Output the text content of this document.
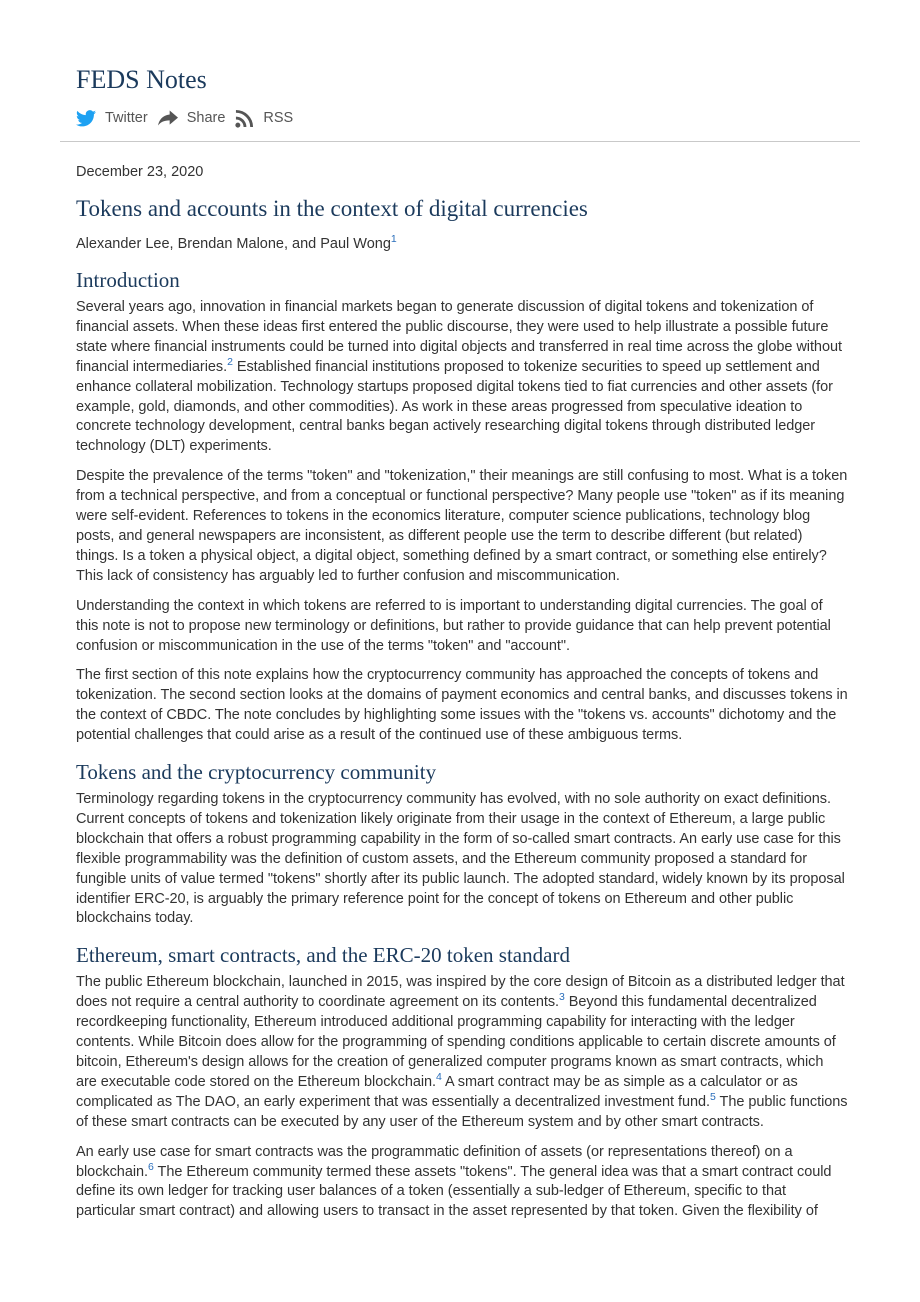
FEDS Notes
Twitter	Share	RSS

December 23, 2020

Tokens and accounts in the context of digital currencies

Alexander Lee, Brendan Malone, and Paul Wong$^1$

Introduction

Several years ago, innovation in financial markets began to generate discussion of digital tokens and tokenization of financial assets. When these ideas first entered the public discourse, they were used to help illustrate a possible future state where financial instruments could be turned into digital objects and transferred in real time across the globe without financial intermediaries.$^2$ Established financial institutions proposed to tokenize securities to speed up settlement and enhance collateral mobilization. Technology startups proposed digital tokens tied to fiat currencies and other assets (for example, gold, diamonds, and other commodities). As work in these areas progressed from speculative ideation to concrete technology development, central banks began actively researching digital tokens through distributed ledger technology (DLT) experiments.

Despite the prevalence of the terms "token" and "tokenization," their meanings are still confusing to most. What is a token from a technical perspective, and from a conceptual or functional perspective? Many people use "token" as if its meaning were self-evident. References to tokens in the economics literature, computer science publications, technology blog posts, and general newspapers are inconsistent, as different people use the term to describe different (but related) things. Is a token a physical object, a digital object, something defined by a smart contract, or something else entirely? This lack of consistency has arguably led to further confusion and miscommunication.

Understanding the context in which tokens are referred to is important to understanding digital currencies. The goal of this note is not to propose new terminology or definitions, but rather to provide guidance that can help prevent potential confusion or miscommunication in the use of the terms "token" and "account".

The first section of this note explains how the cryptocurrency community has approached the concepts of tokens and tokenization. The second section looks at the domains of payment economics and central banks, and discusses tokens in the context of CBDC. The note concludes by highlighting some issues with the "tokens vs. accounts" dichotomy and the potential challenges that could arise as a result of the continued use of these ambiguous terms.

Tokens and the cryptocurrency community

Terminology regarding tokens in the cryptocurrency community has evolved, with no sole authority on exact definitions. Current concepts of tokens and tokenization likely originate from their usage in the context of Ethereum, a large public blockchain that offers a robust programming capability in the form of so-called smart contracts. An early use case for this flexible programmability was the definition of custom assets, and the Ethereum community proposed a standard for fungible units of value termed "tokens" shortly after its public launch. The adopted standard, widely known by its proposal identifier ERC-20, is arguably the primary reference point for the concept of tokens on Ethereum and other public blockchains today.

Ethereum, smart contracts, and the ERC-20 token standard

The public Ethereum blockchain, launched in 2015, was inspired by the core design of Bitcoin as a distributed ledger that does not require a central authority to coordinate agreement on its contents.$^3$ Beyond this fundamental decentralized recordkeeping functionality, Ethereum introduced additional programming capability for interacting with the ledger contents. While Bitcoin does allow for the programming of spending conditions applicable to certain discrete amounts of bitcoin, Ethereum's design allows for the creation of generalized computer programs known as smart contracts, which are executable code stored on the Ethereum blockchain.$^4$ A smart contract may be as simple as a calculator or as complicated as The DAO, an early experiment that was essentially a decentralized investment fund.$^5$ The public functions of these smart contracts can be executed by any user of the Ethereum system and by other smart contracts.

An early use case for smart contracts was the programmatic definition of assets (or representations thereof) on a blockchain.$^6$ The Ethereum community termed these assets "tokens". The general idea was that a smart contract could define its own ledger for tracking user balances of a token (essentially a sub-ledger of Ethereum, specific to that particular smart contract) and allowing users to transact in the asset represented by that token. Given the flexibility of
